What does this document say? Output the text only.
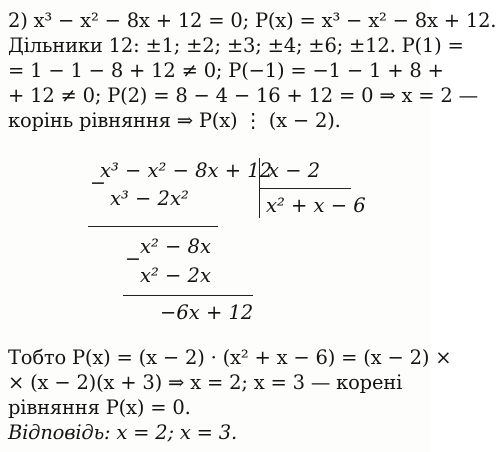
2) x³ − x² − 8x + 12 = 0; P(x) = x³ − x² − 8x + 12.
Дільники 12: ±1; ±2; ±3; ±4; ±6; ±12. P(1) =
= 1 − 1 − 8 + 12 ≠ 0; P(−1) = −1 − 1 + 8 +
+ 12 ≠ 0; P(2) = 8 − 4 − 16 + 12 = 0 ⇒ x = 2 —
корінь рівняння ⇒ P(x) ⋮ (x − 2).
−
x³ − x² − 8x + 12
x³ − 2x²
x − 2
x² + x − 6
−
x² − 8x
x² − 2x
−6x + 12
Тобто P(x) = (x − 2) · (x² + x − 6) = (x − 2) ×
× (x − 2)(x + 3) ⇒ x = 2; x = 3 — корені
рівняння P(x) = 0.
Відповідь: x = 2; x = 3.
